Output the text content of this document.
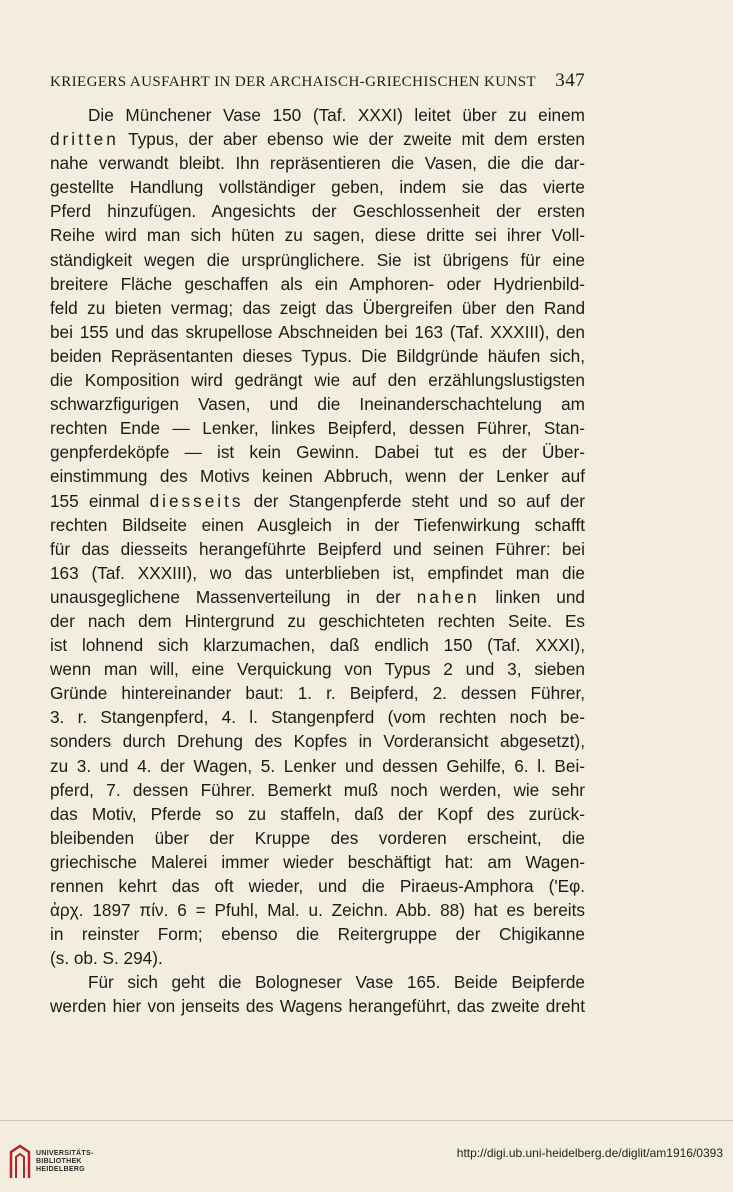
KRIEGERS AUSFAHRT IN DER ARCHAISCH-GRIECHISCHEN KUNST 347
Die Münchener Vase 150 (Taf. XXXI) leitet über zu einem
dritten Typus, der aber ebenso wie der zweite mit dem ersten
nahe verwandt bleibt. Ihn repräsentieren die Vasen, die die dar-
gestellte Handlung vollständiger geben, indem sie das vierte
Pferd hinzufügen. Angesichts der Geschlossenheit der ersten
Reihe wird man sich hüten zu sagen, diese dritte sei ihrer Voll-
ständigkeit wegen die ursprünglichere. Sie ist übrigens für eine
breitere Fläche geschaffen als ein Amphoren- oder Hydrienbild-
feld zu bieten vermag; das zeigt das Übergreifen über den Rand
bei 155 und das skrupellose Abschneiden bei 163 (Taf. XXXIII), den
beiden Repräsentanten dieses Typus. Die Bildgründe häufen sich,
die Komposition wird gedrängt wie auf den erzählungslustigsten
schwarzfigurigen Vasen, und die Ineinanderschachtelung am
rechten Ende — Lenker, linkes Beipferd, dessen Führer, Stan-
genpferdeköpfe — ist kein Gewinn. Dabei tut es der Über-
einstimmung des Motivs keinen Abbruch, wenn der Lenker auf
155 einmal diesseits der Stangenpferde steht und so auf der
rechten Bildseite einen Ausgleich in der Tiefenwirkung schafft
für das diesseits herangeführte Beipferd und seinen Führer: bei
163 (Taf. XXXIII), wo das unterblieben ist, empfindet man die
unausgeglichene Massenverteilung in der nahen linken und
der nach dem Hintergrund zu geschichteten rechten Seite. Es
ist lohnend sich klarzumachen, daß endlich 150 (Taf. XXXI),
wenn man will, eine Verquickung von Typus 2 und 3, sieben
Gründe hintereinander baut: 1. r. Beipferd, 2. dessen Führer,
3. r. Stangenpferd, 4. l. Stangenpferd (vom rechten noch be-
sonders durch Drehung des Kopfes in Vorderansicht abgesetzt),
zu 3. und 4. der Wagen, 5. Lenker und dessen Gehilfe, 6. l. Bei-
pferd, 7. dessen Führer. Bemerkt muß noch werden, wie sehr
das Motiv, Pferde so zu staffeln, daß der Kopf des zurück-
bleibenden über der Kruppe des vorderen erscheint, die
griechische Malerei immer wieder beschäftigt hat: am Wagen-
rennen kehrt das oft wieder, und die Piraeus-Amphora ('Εφ.
ἀρχ. 1897 πίν. 6 = Pfuhl, Mal. u. Zeichn. Abb. 88) hat es bereits
in reinster Form; ebenso die Reitergruppe der Chigikanne
(s. ob. S. 294).
Für sich geht die Bologneser Vase 165. Beide Beipferde
werden hier von jenseits des Wagens herangeführt, das zweite dreht
UNIVERSITÄTS-
BIBLIOTHEK
HEIDELBERG
http://digi.ub.uni-heidelberg.de/diglit/am1916/0393
